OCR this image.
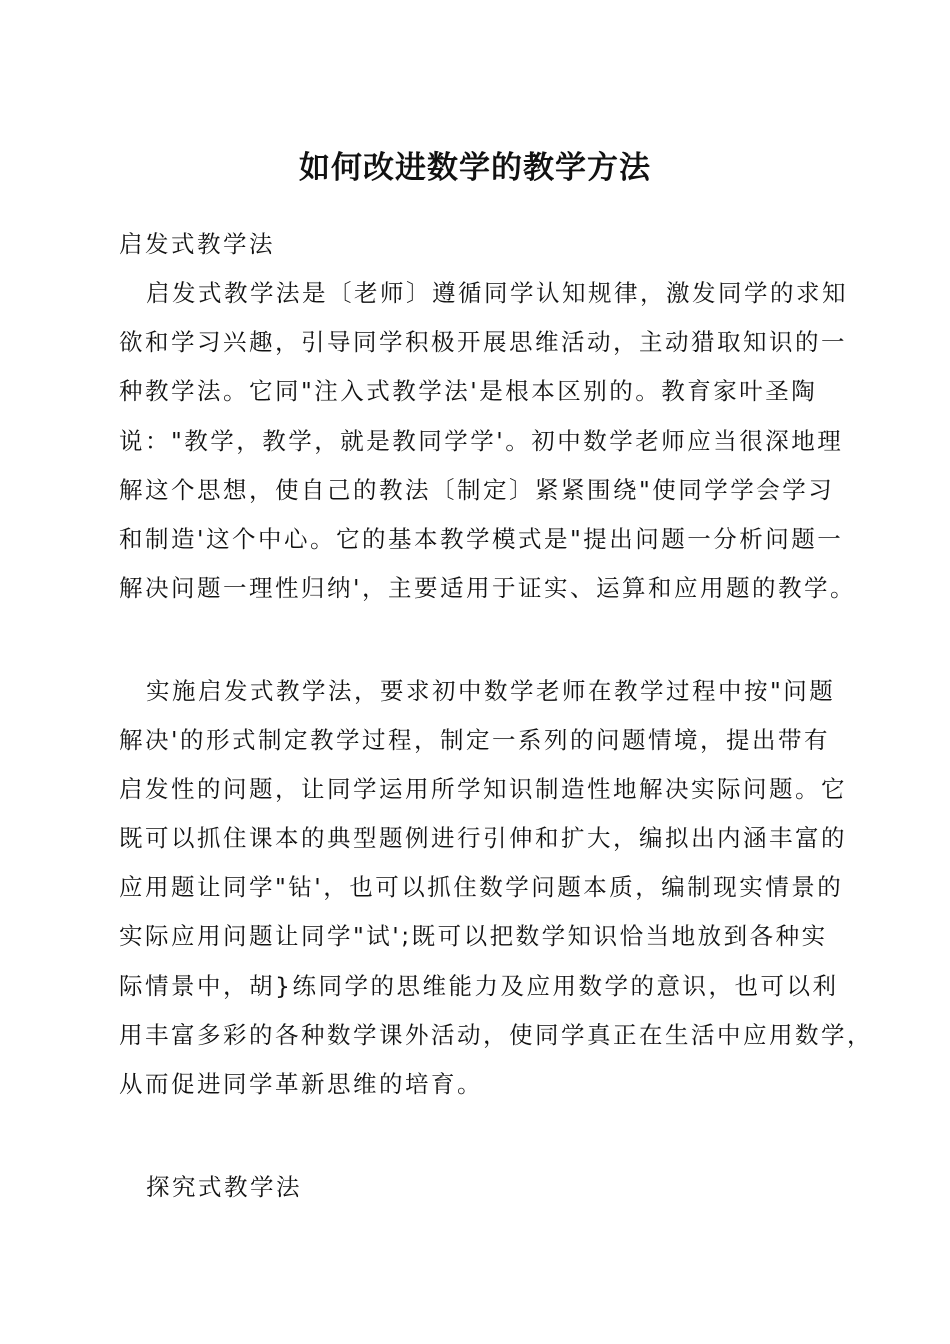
如何改进数学的教学方法
启发式教学法
启发式教学法是〔老师〕遵循同学认知规律，激发同学的求知
欲和学习兴趣，引导同学积极开展思维活动，主动猎取知识的一
种教学法。它同"注入式教学法'是根本区别的。教育家叶圣陶
说："教学，教学，就是教同学学'。初中数学老师应当很深地理
解这个思想，使自己的教法〔制定〕紧紧围绕"使同学学会学习
和制造'这个中心。它的基本教学模式是"提出问题一分析问题一
解决问题一理性归纳'，主要适用于证实、运算和应用题的教学。
实施启发式教学法，要求初中数学老师在教学过程中按"问题
解决'的形式制定教学过程，制定一系列的问题情境，提出带有
启发性的问题，让同学运用所学知识制造性地解决实际问题。它
既可以抓住课本的典型题例进行引伸和扩大，编拟出内涵丰富的
应用题让同学"钻'，也可以抓住数学问题本质，编制现实情景的
实际应用问题让同学"试';既可以把数学知识恰当地放到各种实
际情景中，胡}练同学的思维能力及应用数学的意识，也可以利
用丰富多彩的各种数学课外活动，使同学真正在生活中应用数学，
从而促进同学革新思维的培育。
探究式教学法
